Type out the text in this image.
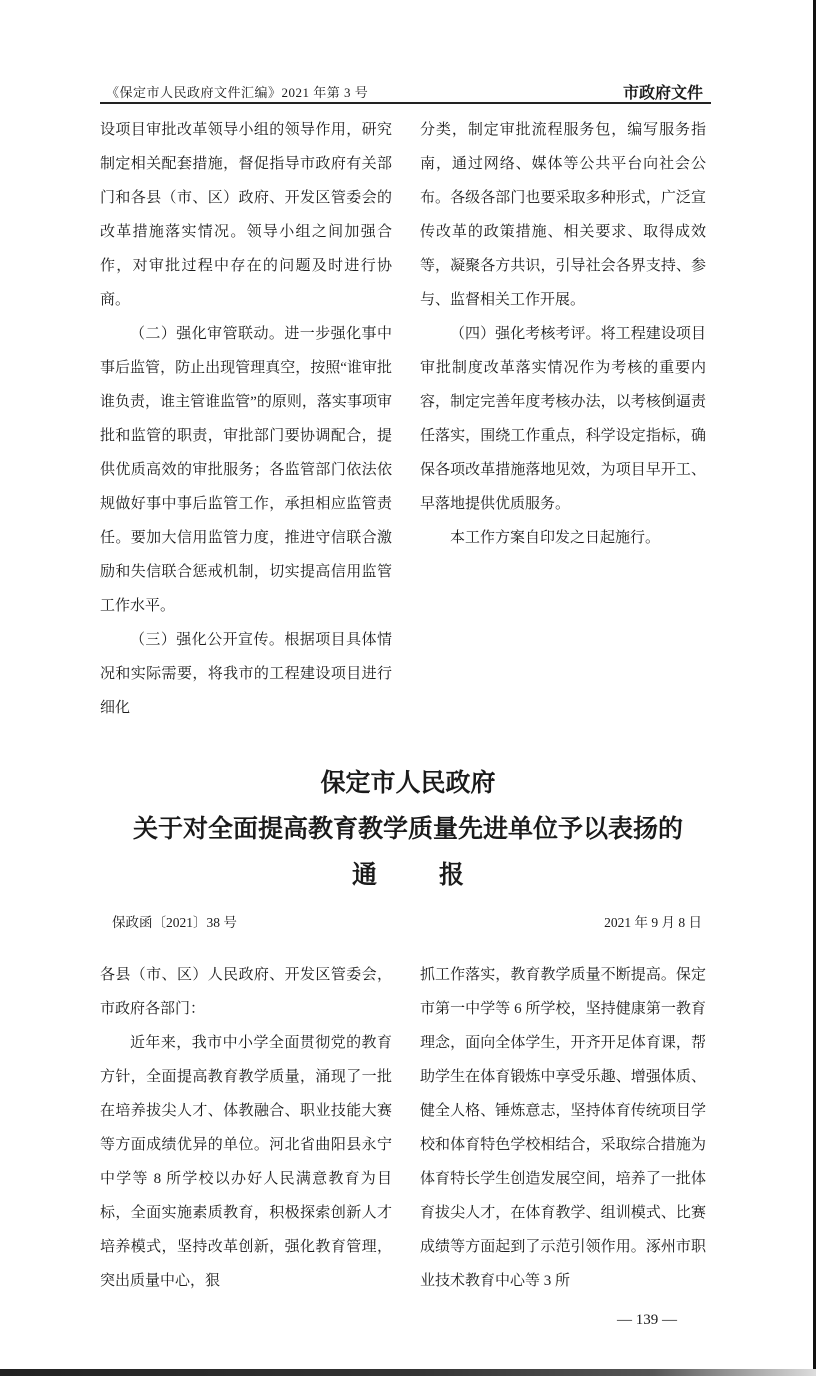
《保定市人民政府文件汇编》2021 年第 3 号	市政府文件

设项目审批改革领导小组的领导作用，研究制定相关配套措施，督促指导市政府有关部门和各县（市、区）政府、开发区管委会的改革措施落实情况。领导小组之间加强合作，对审批过程中存在的问题及时进行协商。

（二）强化审管联动。进一步强化事中事后监管，防止出现管理真空，按照“谁审批谁负责，谁主管谁监管”的原则，落实事项审批和监管的职责，审批部门要协调配合，提供优质高效的审批服务；各监管部门依法依规做好事中事后监管工作，承担相应监管责任。要加大信用监管力度，推进守信联合激励和失信联合惩戒机制，切实提高信用监管工作水平。

（三）强化公开宣传。根据项目具体情况和实际需要，将我市的工程建设项目进行细化

分类，制定审批流程服务包，编写服务指南，通过网络、媒体等公共平台向社会公布。各级各部门也要采取多种形式，广泛宣传改革的政策措施、相关要求、取得成效等，凝聚各方共识，引导社会各界支持、参与、监督相关工作开展。

（四）强化考核考评。将工程建设项目审批制度改革落实情况作为考核的重要内容，制定完善年度考核办法，以考核倒逼责任落实，围绕工作重点，科学设定指标，确保各项改革措施落地见效，为项目早开工、早落地提供优质服务。

本工作方案自印发之日起施行。

保定市人民政府
关于对全面提高教育教学质量先进单位予以表扬的
通报
保政函〔2021〕38 号	2021 年 9 月 8 日

各县（市、区）人民政府、开发区管委会，市政府各部门：

近年来，我市中小学全面贯彻党的教育方针，全面提高教育教学质量，涌现了一批在培养拔尖人才、体教融合、职业技能大赛等方面成绩优异的单位。河北省曲阳县永宁中学等 8 所学校以办好人民满意教育为目标，全面实施素质教育，积极探索创新人才培养模式，坚持改革创新，强化教育管理，突出质量中心，狠

抓工作落实，教育教学质量不断提高。保定市第一中学等 6 所学校，坚持健康第一教育理念，面向全体学生，开齐开足体育课，帮助学生在体育锻炼中享受乐趣、增强体质、健全人格、锤炼意志，坚持体育传统项目学校和体育特色学校相结合，采取综合措施为体育特长学生创造发展空间，培养了一批体育拔尖人才，在体育教学、组训模式、比赛成绩等方面起到了示范引领作用。涿州市职业技术教育中心等 3 所

— 139 —
